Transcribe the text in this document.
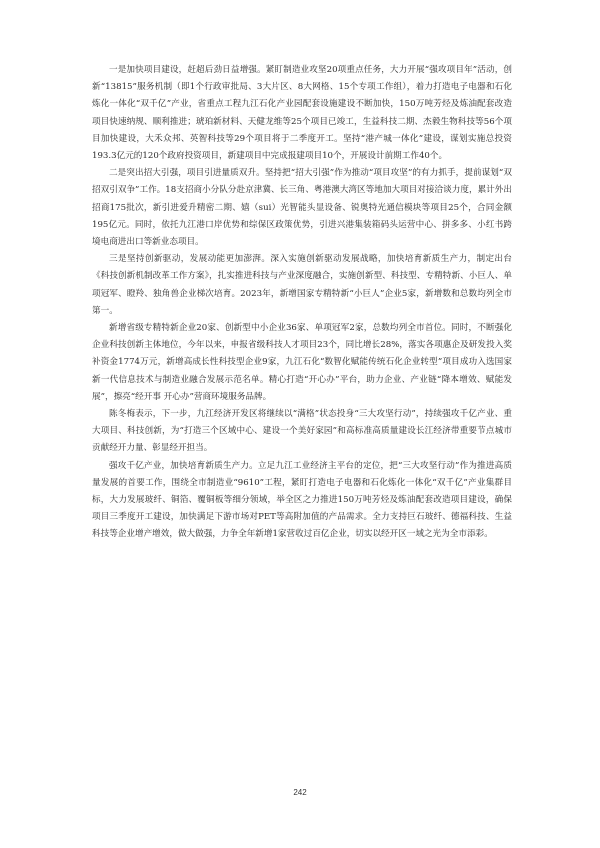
一是加快项目建设，赶超后劲日益增强。紧盯制造业攻坚20项重点任务，大力开展“强攻项目年”活动，创新“13815”服务机制（即1个行政审批局、3大片区、8大网格、15个专项工作组），着力打造电子电器和石化炼化一体化“双千亿”产业，省重点工程九江石化产业园配套设施建设不断加快，150万吨芳烃及炼油配套改造项目快速纳规、顺利推进；琥珀新材料、天健龙维等25个项目已竣工，生益科技二期、杰毅生物科技等56个项目加快建设，大禾众邦、英智科技等29个项目将于二季度开工。坚持“港产城一体化”建设，谋划实施总投资193.3亿元的120个政府投资项目，新建项目中完成报建项目10个，开展设计前期工作40个。

二是突出招大引强，项目引进量质双升。坚持把“招大引强”作为推动“项目攻坚”的有力抓手，提前谋划“双招双引双争”工作。18支招商小分队分赴京津冀、长三角、粤港澳大湾区等地加大项目对接洽谈力度，累计外出招商175批次，新引进爱升精密二期、嬉（sui）光智能头显设备、锐奥特光通信模块等项目25个，合同金额195亿元。同时，依托九江港口岸优势和综保区政策优势，引进兴港集装箱码头运营中心、拼多多、小红书跨境电商进出口等新业态项目。

三是坚持创新驱动，发展动能更加澎湃。深入实施创新驱动发展战略，加快培育新质生产力，制定出台《科技创新机制改革工作方案》，扎实推进科技与产业深度融合，实施创新型、科技型、专精特新、小巨人、单项冠军、瞪羚、独角兽企业梯次培育。2023年，新增国家专精特新“小巨人”企业5家，新增数和总数均列全市第一。

新增省级专精特新企业20家、创新型中小企业36家、单项冠军2家，总数均列全市首位。同时，不断强化企业科技创新主体地位，今年以来，申报省级科技人才项目23个，同比增长28%，落实各项惠企及研发投入奖补资金1774万元，新增高成长性科技型企业9家，九江石化“数智化赋能传统石化企业转型”项目成功入选国家新一代信息技术与制造业融合发展示范名单。精心打造“开心办”平台，助力企业、产业链“降本增效、赋能发展”，擦亮“经开事 开心办”营商环境服务品牌。

陈冬梅表示，下一步，九江经济开发区将继续以“满格”状态投身“三大攻坚行动”，持续强攻千亿产业、重大项目、科技创新，为“打造三个区域中心、建设一个美好家园”和高标准高质量建设长江经济带重要节点城市贡献经开力量、彰显经开担当。

强攻千亿产业，加快培育新质生产力。立足九江工业经济主平台的定位，把“三大攻坚行动”作为推进高质量发展的首要工作，围绕全市制造业“9610”工程，紧盯打造电子电器和石化炼化一体化“双千亿”产业集群目标，大力发展玻纤、铜箔、覆铜板等细分领域，举全区之力推进150万吨芳烃及炼油配套改造项目建设，确保项目三季度开工建设，加快满足下游市场对PET等高附加值的产品需求。全力支持巨石玻纤、德福科技、生益科技等企业增产增效，做大做强，力争全年新增1家营收过百亿企业，切实以经开区一域之光为全市添彩。

242
